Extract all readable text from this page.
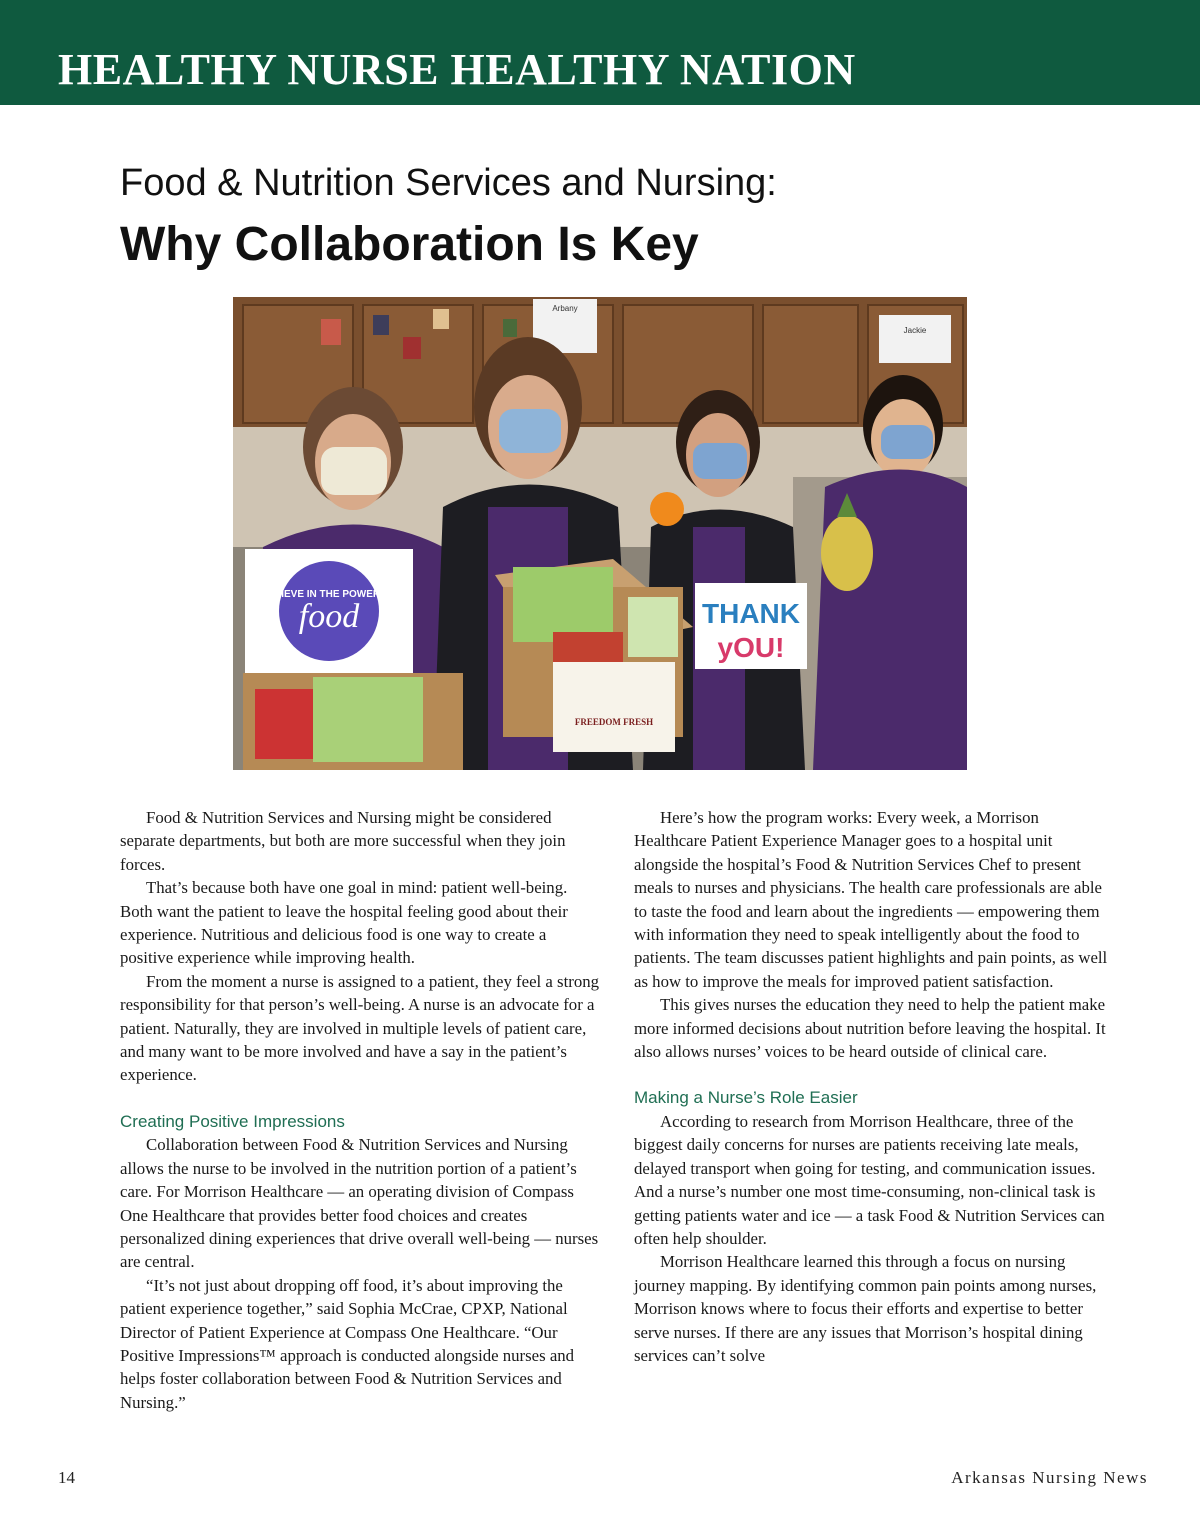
HEALTHY NURSE HEALTHY NATION
Food & Nutrition Services and Nursing:
Why Collaboration Is Key
Arbany
Jackie
BELIEVE IN THE POWER OF
food
FREEDOM FRESH
THANK
yOU!

Food & Nutrition Services and Nursing might be considered separate departments, but both are more successful when they join forces.

That’s because both have one goal in mind: patient well-being. Both want the patient to leave the hospital feeling good about their experience. Nutritious and delicious food is one way to create a positive experience while improving health.

From the moment a nurse is assigned to a patient, they feel a strong responsibility for that person’s well-being. A nurse is an advocate for a patient. Naturally, they are involved in multiple levels of patient care, and many want to be more involved and have a say in the patient’s experience.

Creating Positive Impressions

Collaboration between Food & Nutrition Services and Nursing allows the nurse to be involved in the nutrition portion of a patient’s care. For Morrison Healthcare — an operating division of Compass One Healthcare that provides better food choices and creates personalized dining experiences that drive overall well-being — nurses are central.

“It’s not just about dropping off food, it’s about improving the patient experience together,” said Sophia McCrae, CPXP, National Director of Patient Experience at Compass One Healthcare. “Our Positive Impressions™ approach is conducted alongside nurses and helps foster collaboration between Food & Nutrition Services and Nursing.”

Here’s how the program works: Every week, a Morrison Healthcare Patient Experience Manager goes to a hospital unit alongside the hospital’s Food & Nutrition Services Chef to present meals to nurses and physicians. The health care professionals are able to taste the food and learn about the ingredients — empowering them with information they need to speak intelligently about the food to patients. The team discusses patient highlights and pain points, as well as how to improve the meals for improved patient satisfaction.

This gives nurses the education they need to help the patient make more informed decisions about nutrition before leaving the hospital. It also allows nurses’ voices to be heard outside of clinical care.

Making a Nurse’s Role Easier

According to research from Morrison Healthcare, three of the biggest daily concerns for nurses are patients receiving late meals, delayed transport when going for testing, and communication issues. And a nurse’s number one most time-consuming, non-clinical task is getting patients water and ice — a task Food & Nutrition Services can often help shoulder.

Morrison Healthcare learned this through a focus on nursing journey mapping. By identifying common pain points among nurses, Morrison knows where to focus their efforts and expertise to better serve nurses. If there are any issues that Morrison’s hospital dining services can’t solve

14	Arkansas Nursing News
